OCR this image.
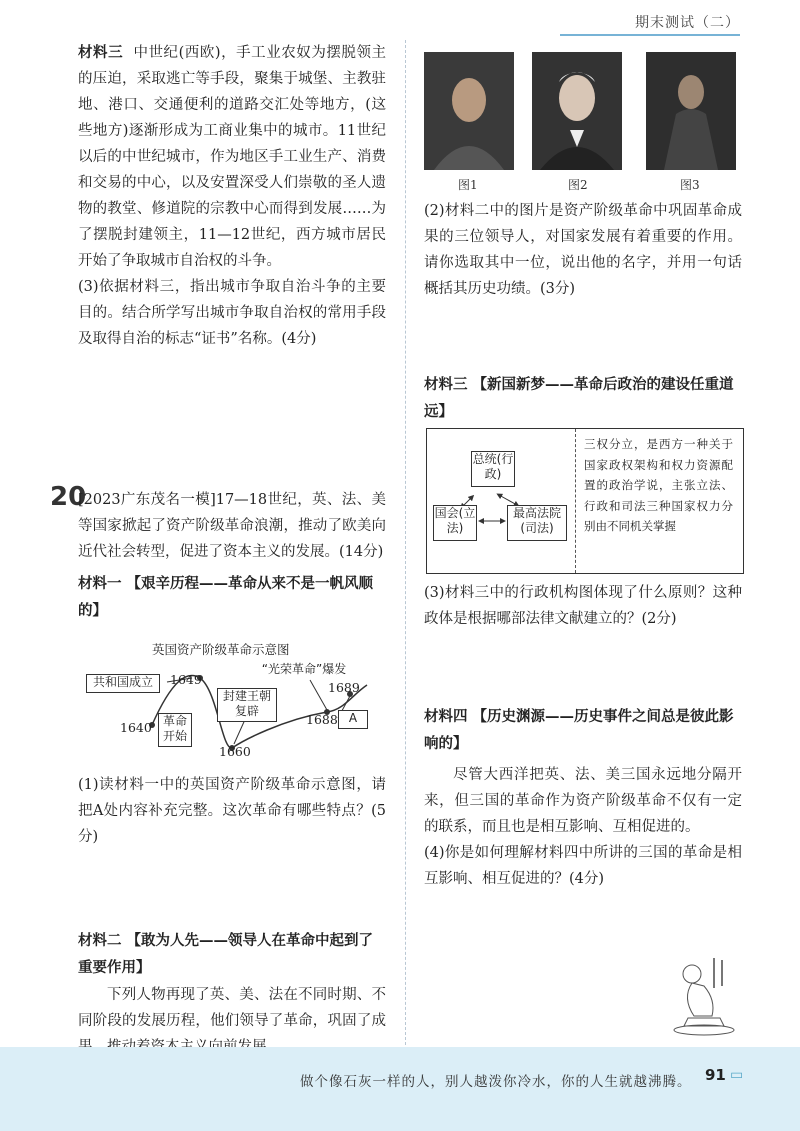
期末测试（二）

材料三 中世纪(西欧)，手工业农奴为摆脱领主的压迫，采取逃亡等手段，聚集于城堡、主教驻地、港口、交通便利的道路交汇处等地方，(这些地方)逐渐形成为工商业集中的城市。11世纪以后的中世纪城市，作为地区手工业生产、消费和交易的中心，以及安置深受人们崇敬的圣人遗物的教堂、修道院的宗教中心而得到发展……为了摆脱封建领主，11—12世纪，西方城市居民开始了争取城市自治权的斗争。

(3)依据材料三，指出城市争取自治斗争的主要目的。结合所学写出城市争取自治权的常用手段及取得自治的标志“证书”名称。(4分)

20

[2023广东茂名一模]17—18世纪，英、法、美等国家掀起了资产阶级革命浪潮，推动了欧美向近代社会转型，促进了资本主义的发展。(14分)

材料一 【艰辛历程——革命从来不是一帆风顺的】

英国资产阶级革命示意图
共和国成立
革命开始
封建王朝复辟
“光荣革命”爆发
A
1640
1649
1660
1688
1689

(1)读材料一中的英国资产阶级革命示意图，请把A处内容补充完整。这次革命有哪些特点？(5分)

材料二 【敢为人先——领导人在革命中起到了重要作用】

下列人物再现了英、美、法在不同时期、不同阶段的发展历程，他们领导了革命，巩固了成

图1	图2	图3

(2)材料二中的图片是资产阶级革命中巩固革命成果的三位领导人，对国家发展有着重要的作用。请你选取其中一位，说出他的名字，并用一句话概括其历史功绩。(3分)

材料三 【新国新梦——革命后政治的建设任重道远】

总统(行政)
国会(立法)
最高法院(司法)
三权分立，是西方一种关于国家政权架构和权力资源配置的政治学说，主张立法、行政和司法三种国家权力分别由不同机关掌握

(3)材料三中的行政机构图体现了什么原则？这种政体是根据哪部法律文献建立的？(2分)

材料四 【历史渊源——历史事件之间总是彼此影响的】

尽管大西洋把英、法、美三国永远地分隔开来，但三国的革命作为资产阶级革命不仅有一定的联系，而且也是相互影响、互相促进的。

(4)你是如何理解材料四中所讲的三国的革命是相互影响、相互促进的？(4分)

做个像石灰一样的人，别人越泼你冷水，你的人生就越沸腾。 91 ▭
